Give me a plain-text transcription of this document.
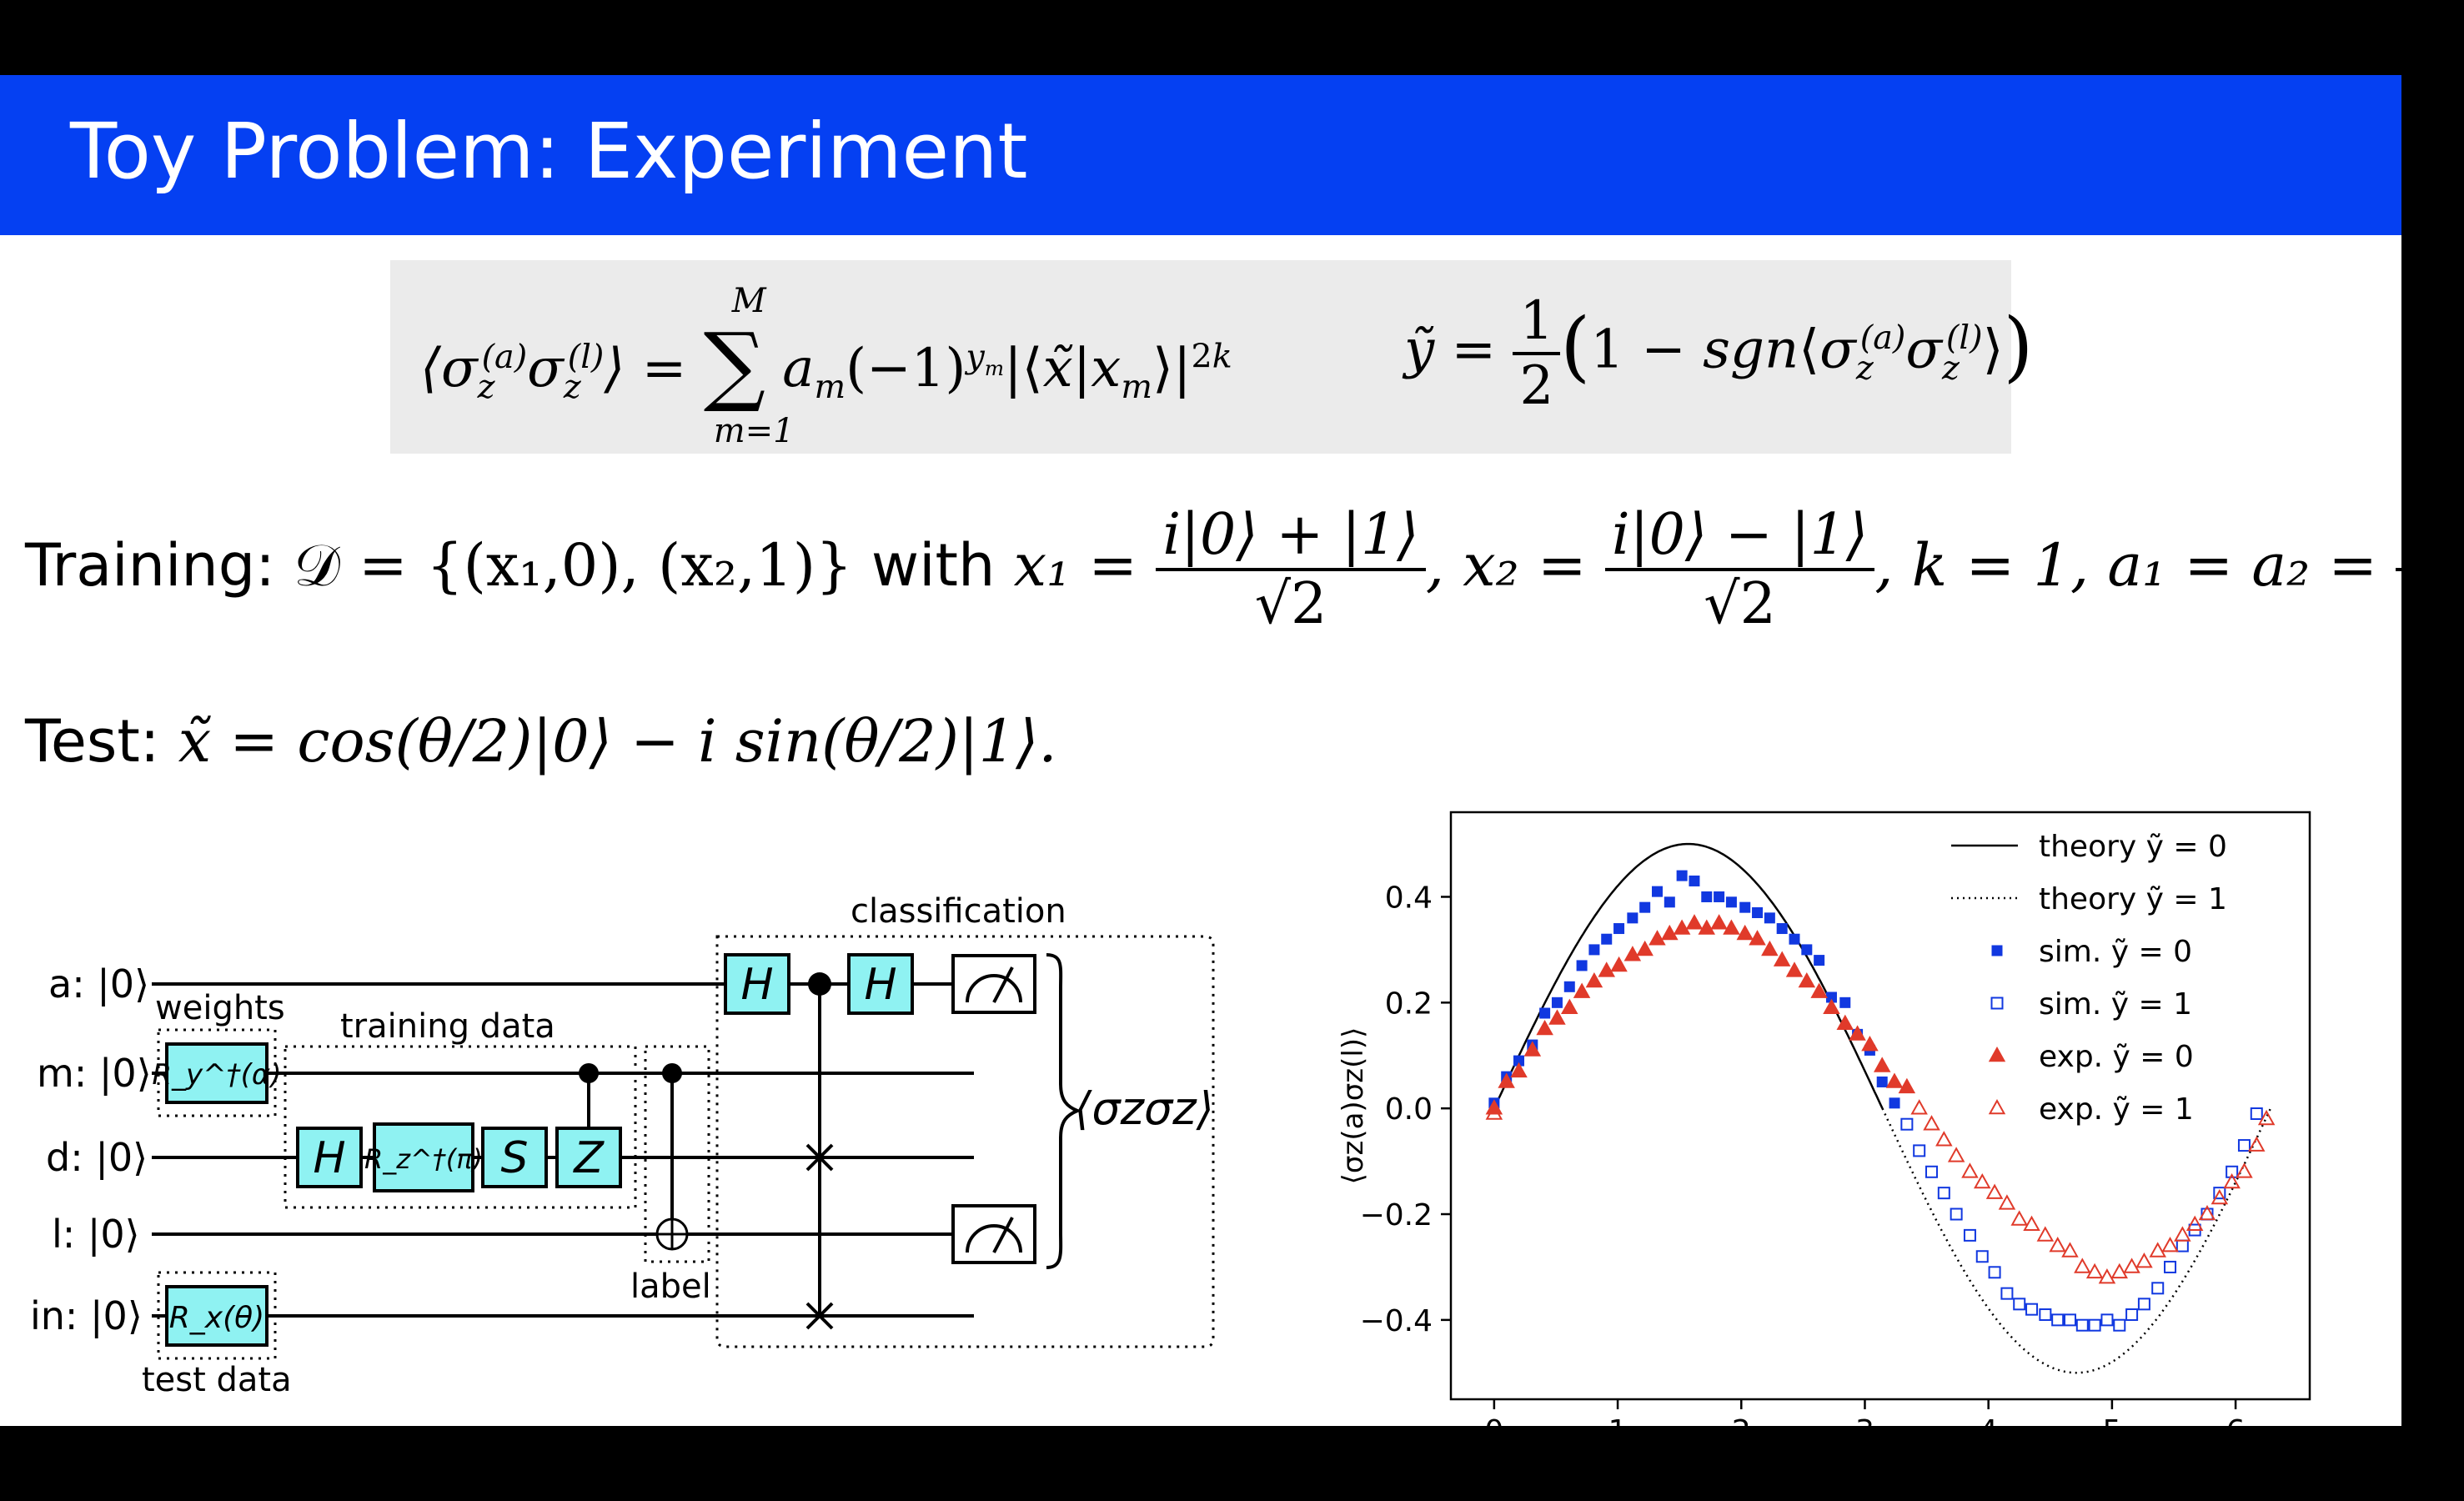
Toy Problem: Experiment
$⟨\sigma_z^{(a)}\sigma_z^{(l)}⟩$ = ∑
M
m=1
$a_m(-1)^{y_m}|⟨x̃|x_m⟩|^{2k}$	ỹ = $\frac{1}{2} (1$ − $sgn⟨\sigma_z^{(a)}\sigma_z^{(l)}⟩$)
Training: 𝒟 = {(x₁,0), (x₂,1)} with $x_1 = \frac{i|0⟩ + |1⟩}{√2}$ , $x_2 = \frac{i|0⟩ - |1⟩}{√2}$ , k = 1, $a_1 = a_2 = \frac{1}{2}$ .
Test: x̃ = cos(θ/2)|0⟩ − i sin(θ/2)|1⟩.
a: |0⟩
m: |0⟩
d: |0⟩
l: |0⟩
in: |0⟩
weights training data
label
test data
classification
R_y^†(α)
H R_z^†(π) S Z
H H
R_x(θ)
⟨σzσz⟩
−0.4
−0.2
0.0
0.2
0.4
⟨σz(a)σz(l)⟩
theory ỹ = 0
theory ỹ = 1
sim. ỹ = 0
sim. ỹ = 1
exp. ỹ = 0
exp. ỹ = 1
